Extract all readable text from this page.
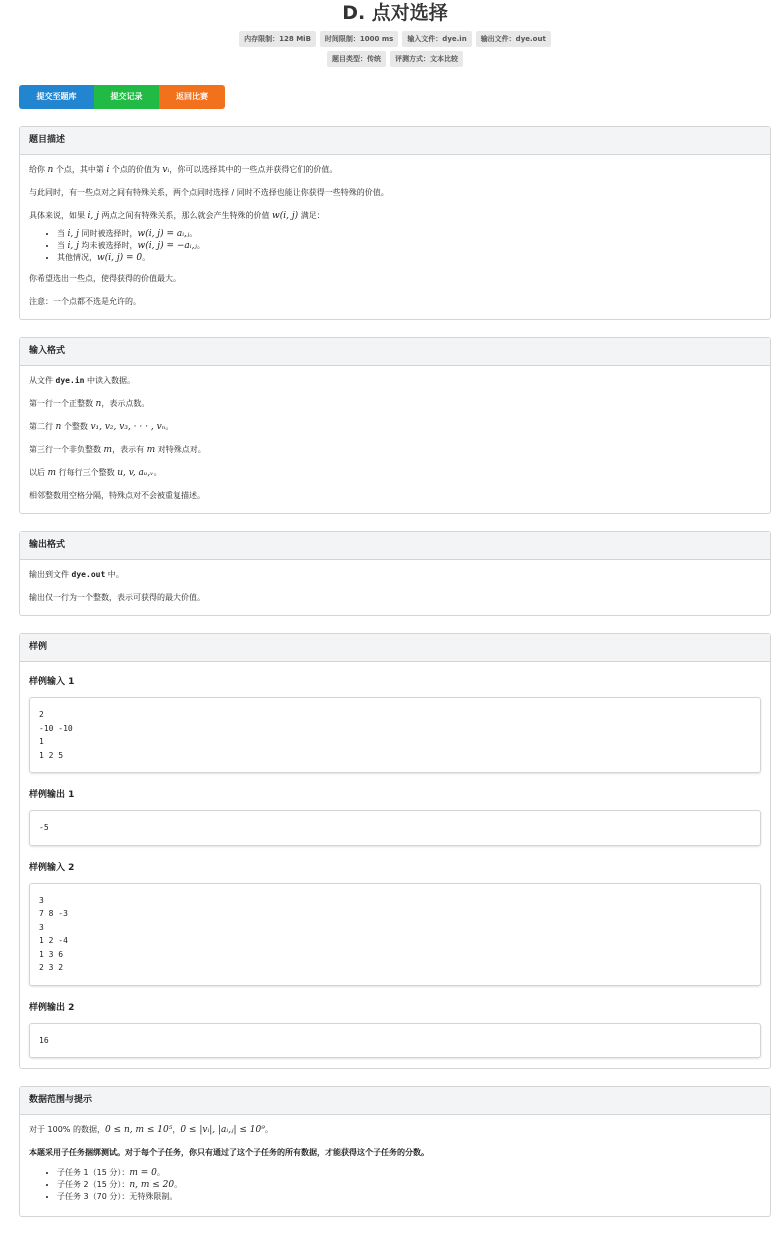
D. 点对选择
内存限制：128 MiB	时间限制：1000 ms	输入文件：dye.in	输出文件：dye.out
题目类型：传统	评测方式：文本比较
提交至题库	提交记录	返回比赛
题目描述

给你 n 个点，其中第 i 个点的价值为 vᵢ，你可以选择其中的一些点并获得它们的价值。

与此同时，有一些点对之间有特殊关系，两个点同时选择 / 同时不选择也能让你获得一些特殊的价值。

具体来说，如果 i, j 两点之间有特殊关系，那么就会产生特殊的价值 w(i, j) 满足：

• 当 i, j 同时被选择时，w(i, j) = aᵢ,ⱼ。
• 当 i, j 均未被选择时，w(i, j) = −aᵢ,ⱼ。
• 其他情况，w(i, j) = 0。

你希望选出一些点，使得获得的价值最大。

注意：一个点都不选是允许的。

输入格式

从文件 dye.in 中读入数据。

第一行一个正整数 n，表示点数。

第二行 n 个整数 v₁, v₂, v₃, · · · , vₙ。

第三行一个非负整数 m，表示有 m 对特殊点对。

以后 m 行每行三个整数 u, v, aᵤ,ᵥ。

相邻整数用空格分隔，特殊点对不会被重复描述。

输出格式

输出到文件 dye.out 中。

输出仅一行为一个整数，表示可获得的最大价值。

样例
样例输入 1
2
-10 -10
1
1 2 5
样例输出 1
-5
样例输入 2
3
7 8 -3
3
1 2 -4
1 3 6
2 3 2
样例输出 2
16
数据范围与提示

对于 100% 的数据，0 ≤ n, m ≤ 10⁵，0 ≤ |vᵢ|, |aᵢ,ⱼ| ≤ 10⁹。

本题采用子任务捆绑测试。对于每个子任务，你只有通过了这个子任务的所有数据，才能获得这个子任务的分数。

• 子任务 1（15 分）：m = 0。
• 子任务 2（15 分）：n, m ≤ 20。
• 子任务 3（70 分）：无特殊限制。
